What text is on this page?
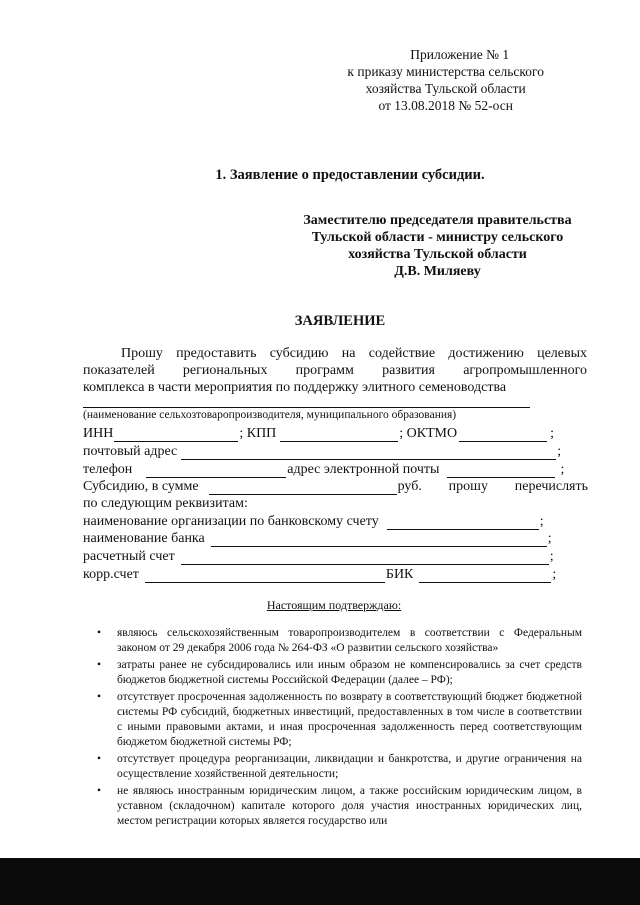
Приложение № 1
к приказу министерства сельского
хозяйства Тульской области
от 13.08.2018 № 52-осн
1. Заявление о предоставлении субсидии.
Заместителю председателя правительства
Тульской области - министру сельского
хозяйства Тульской области
Д.В. Миляеву
ЗАЯВЛЕНИЕ
Прошу предоставить субсидию на содействие достижению целевых
показателей региональных программ развития агропромышленного
комплекса в части мероприятия по поддержку элитного семеноводства
(наименование сельхозтоваропроизводителя, муниципального образования)
ИНН	; КПП	; ОКТМО	;
почтовый адрес	;
телефон	адрес электронной почты	;
Субсидию, в сумме	руб. прошу перечислять
по следующим реквизитам:
наименование организации по банковскому счету	;
наименование банка	;
расчетный счет	;
корр.счет	БИК	;
Настоящим подтверждаю:
• являюсь сельскохозяйственным товаропроизводителем в соответствии с Федеральным законом от 29 декабря 2006 года № 264-ФЗ «О развитии сельского хозяйства»
• затраты ранее не субсидировались или иным образом не компенсировались за счет средств бюджетов бюджетной системы Российской Федерации (далее – РФ);
• отсутствует просроченная задолженность по возврату в соответствующий бюджет бюджетной системы РФ субсидий, бюджетных инвестиций, предоставленных в том числе в соответствии с иными правовыми актами, и иная просроченная задолженность перед соответствующим бюджетом бюджетной системы РФ;
• отсутствует процедура реорганизации, ликвидации и банкротства, и другие ограничения на осуществление хозяйственной деятельности;
• не являюсь иностранным юридическим лицом, а также российским юридическим лицом, в уставном (складочном) капитале которого доля участия иностранных юридических лиц, местом регистрации которых является государство или
